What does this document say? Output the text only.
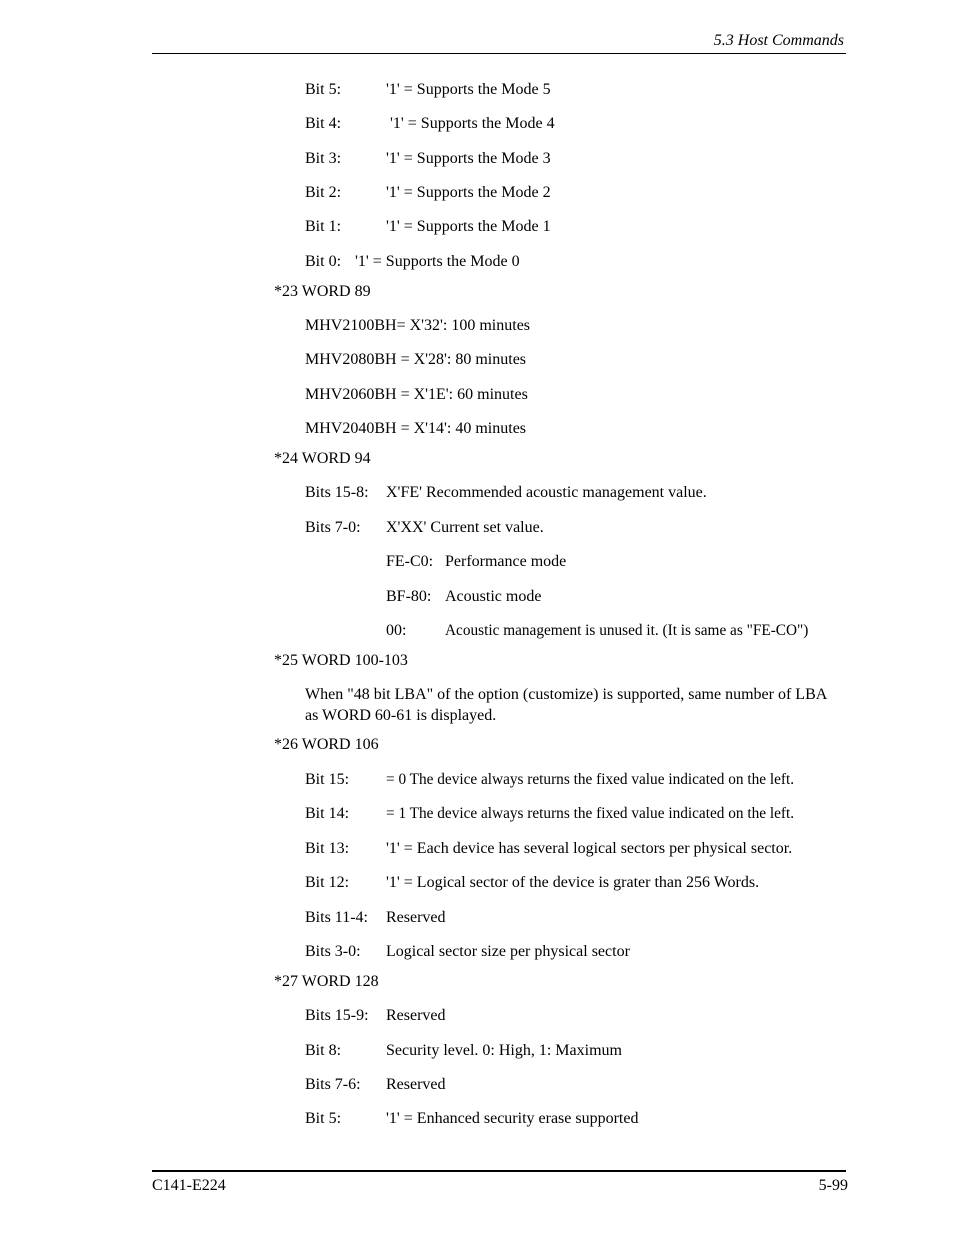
5.3 Host Commands
Bit 5:	'1' = Supports the Mode 5
Bit 4:	'1' = Supports the Mode 4
Bit 3:	'1' = Supports the Mode 3
Bit 2:	'1' = Supports the Mode 2
Bit 1:	'1' = Supports the Mode 1
Bit 0: '1' = Supports the Mode 0
*23 WORD 89
MHV2100BH= X'32': 100 minutes
MHV2080BH = X'28': 80 minutes
MHV2060BH = X'1E': 60 minutes
MHV2040BH = X'14': 40 minutes
*24 WORD 94
Bits 15-8: X'FE' Recommended acoustic management value.
Bits 7-0: X'XX' Current set value.
FE-C0: Performance mode
BF-80: Acoustic mode
00:	Acoustic management is unused it. (It is same as "FE-CO")
*25 WORD 100-103
When "48 bit LBA" of the option (customize) is supported, same number of LBA as WORD 60-61 is displayed.
*26 WORD 106
Bit 15: = 0 The device always returns the fixed value indicated on the left.
Bit 14: = 1 The device always returns the fixed value indicated on the left.
Bit 13: '1' = Each device has several logical sectors per physical sector.
Bit 12: '1' = Logical sector of the device is grater than 256 Words.
Bits 11-4: Reserved
Bits 3-0: Logical sector size per physical sector
*27 WORD 128
Bits 15-9: Reserved
Bit 8:	Security level. 0: High, 1: Maximum
Bits 7-6: Reserved
Bit 5:	'1' = Enhanced security erase supported
C141-E224	5-99
